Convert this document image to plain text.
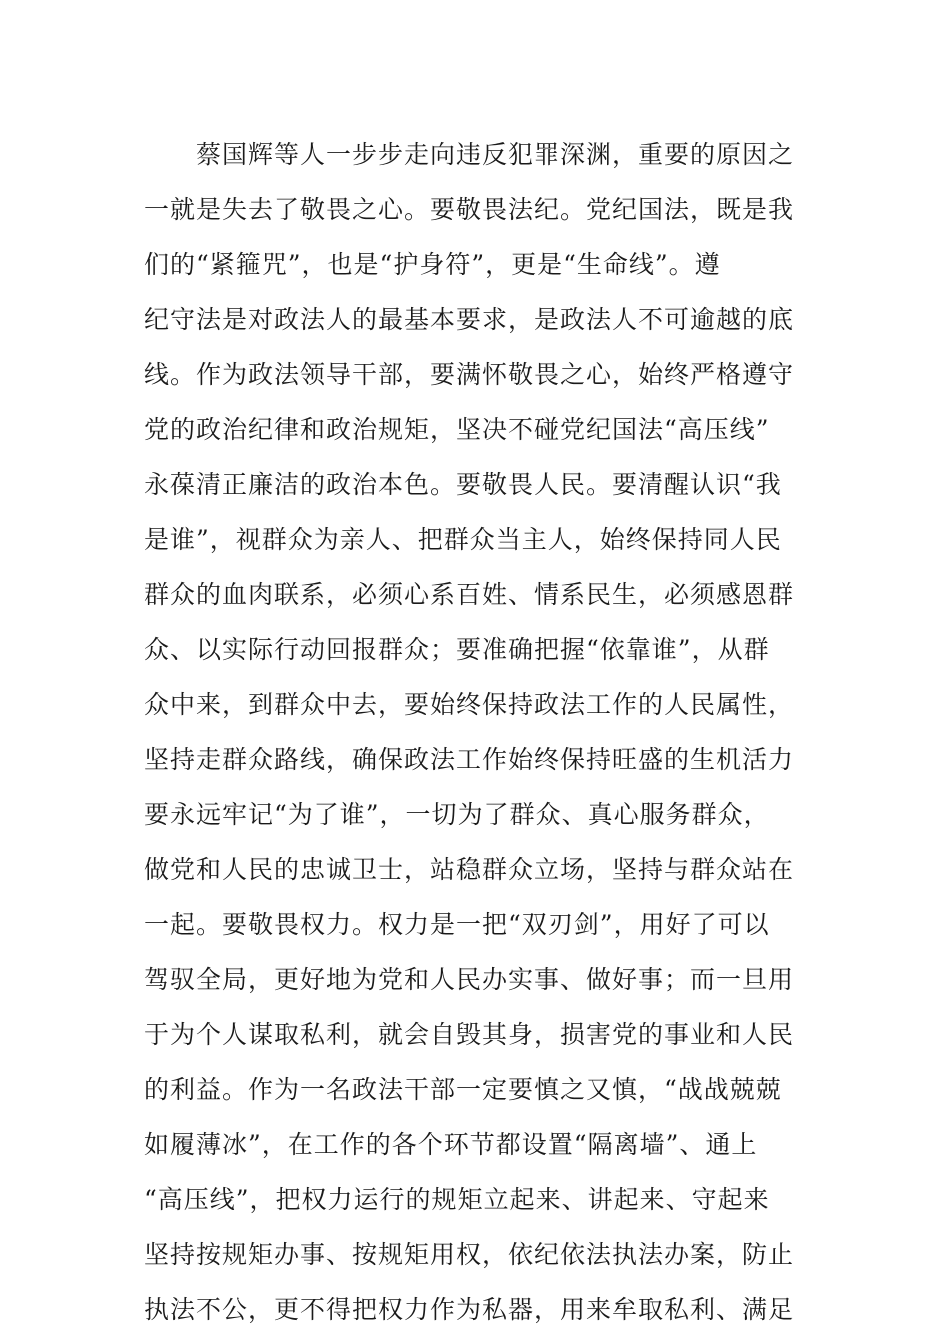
蔡国辉等人一步步走向违反犯罪深渊，重要的原因之
一就是失去了敬畏之心。要敬畏法纪。党纪国法，既是我
们的“紧箍咒”，也是“护身符”，更是“生命线”。遵
纪守法是对政法人的最基本要求，是政法人不可逾越的底
线。作为政法领导干部，要满怀敬畏之心，始终严格遵守
党的政治纪律和政治规矩，坚决不碰党纪国法“高压线”
永葆清正廉洁的政治本色。要敬畏人民。要清醒认识“我
是谁”，视群众为亲人、把群众当主人，始终保持同人民
群众的血肉联系，必须心系百姓、情系民生，必须感恩群
众、以实际行动回报群众；要准确把握“依靠谁”，从群
众中来，到群众中去，要始终保持政法工作的人民属性，
坚持走群众路线，确保政法工作始终保持旺盛的生机活力
要永远牢记“为了谁”，一切为了群众、真心服务群众，
做党和人民的忠诚卫士，站稳群众立场，坚持与群众站在
一起。要敬畏权力。权力是一把“双刃剑”，用好了可以
驾驭全局，更好地为党和人民办实事、做好事；而一旦用
于为个人谋取私利，就会自毁其身，损害党的事业和人民
的利益。作为一名政法干部一定要慎之又慎，“战战兢兢
如履薄冰”，在工作的各个环节都设置“隔离墙”、通上
“高压线”，把权力运行的规矩立起来、讲起来、守起来
坚持按规矩办事、按规矩用权，依纪依法执法办案，防止
执法不公，更不得把权力作为私器，用来牟取私利、满足
